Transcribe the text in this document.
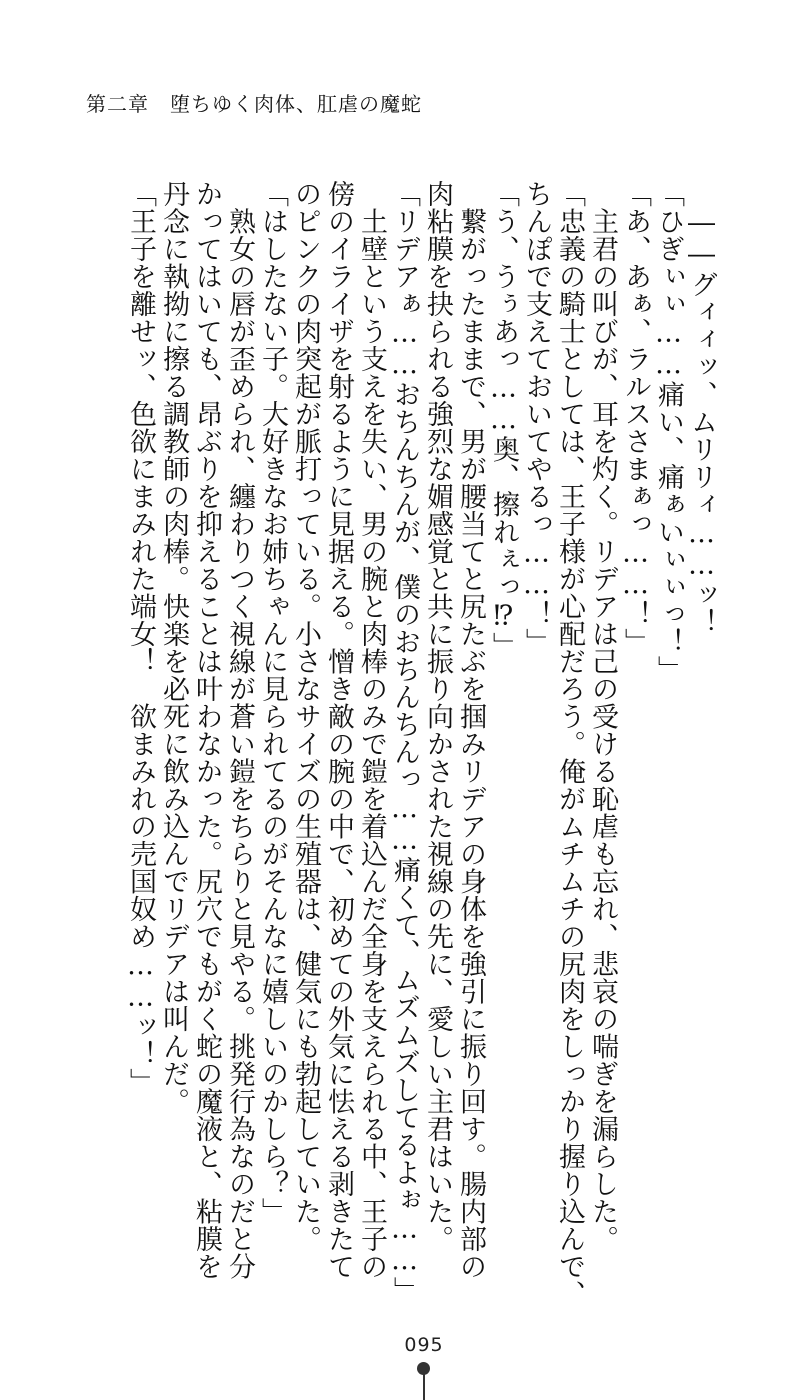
第二章　堕ちゆく肉体、肛虐の魔蛇
　――グィィッ、ムリリィ……ッ！
「ひぎぃぃ……痛い、痛ぁいぃぃっ！」
「あ、あぁ、ラルスさまぁっ……！」
　主君の叫びが、耳を灼く。リデアは己の受ける恥虐も忘れ、悲哀の喘ぎを漏らした。
「忠義の騎士としては、王子様が心配だろう。俺がムチムチの尻肉をしっかり握り込んで、
ちんぽで支えておいてやるっ……！」
「う、うぅあっ……奥、擦れぇっ⁉」
　繋がったままで、男が腰当てと尻たぶを掴みリデアの身体を強引に振り回す。腸内部の
肉粘膜を抉られる強烈な媚感覚と共に振り向かされた視線の先に、愛しい主君はいた。
「リデアぁ……おちんちんが、僕のおちんちんっ……痛くて、ムズムズしてるよぉ……」
　土壁という支えを失い、男の腕と肉棒のみで鎧を着込んだ全身を支えられる中、王子の
傍のイライザを射るように見据える。憎き敵の腕の中で、初めての外気に怯える剥きたて
のピンクの肉突起が脈打っている。小さなサイズの生殖器は、健気にも勃起していた。
「はしたない子。大好きなお姉ちゃんに見られてるのがそんなに嬉しいのかしら？」
　熟女の唇が歪められ、纏わりつく視線が蒼い鎧をちらりと見やる。挑発行為なのだと分
かってはいても、昂ぶりを抑えることは叶わなかった。尻穴でもがく蛇の魔液と、粘膜を
丹念に執拗に擦る調教師の肉棒。快楽を必死に飲み込んでリデアは叫んだ。
「王子を離せッ、色欲にまみれた端女！　欲まみれの売国奴め……ッ！」
095
